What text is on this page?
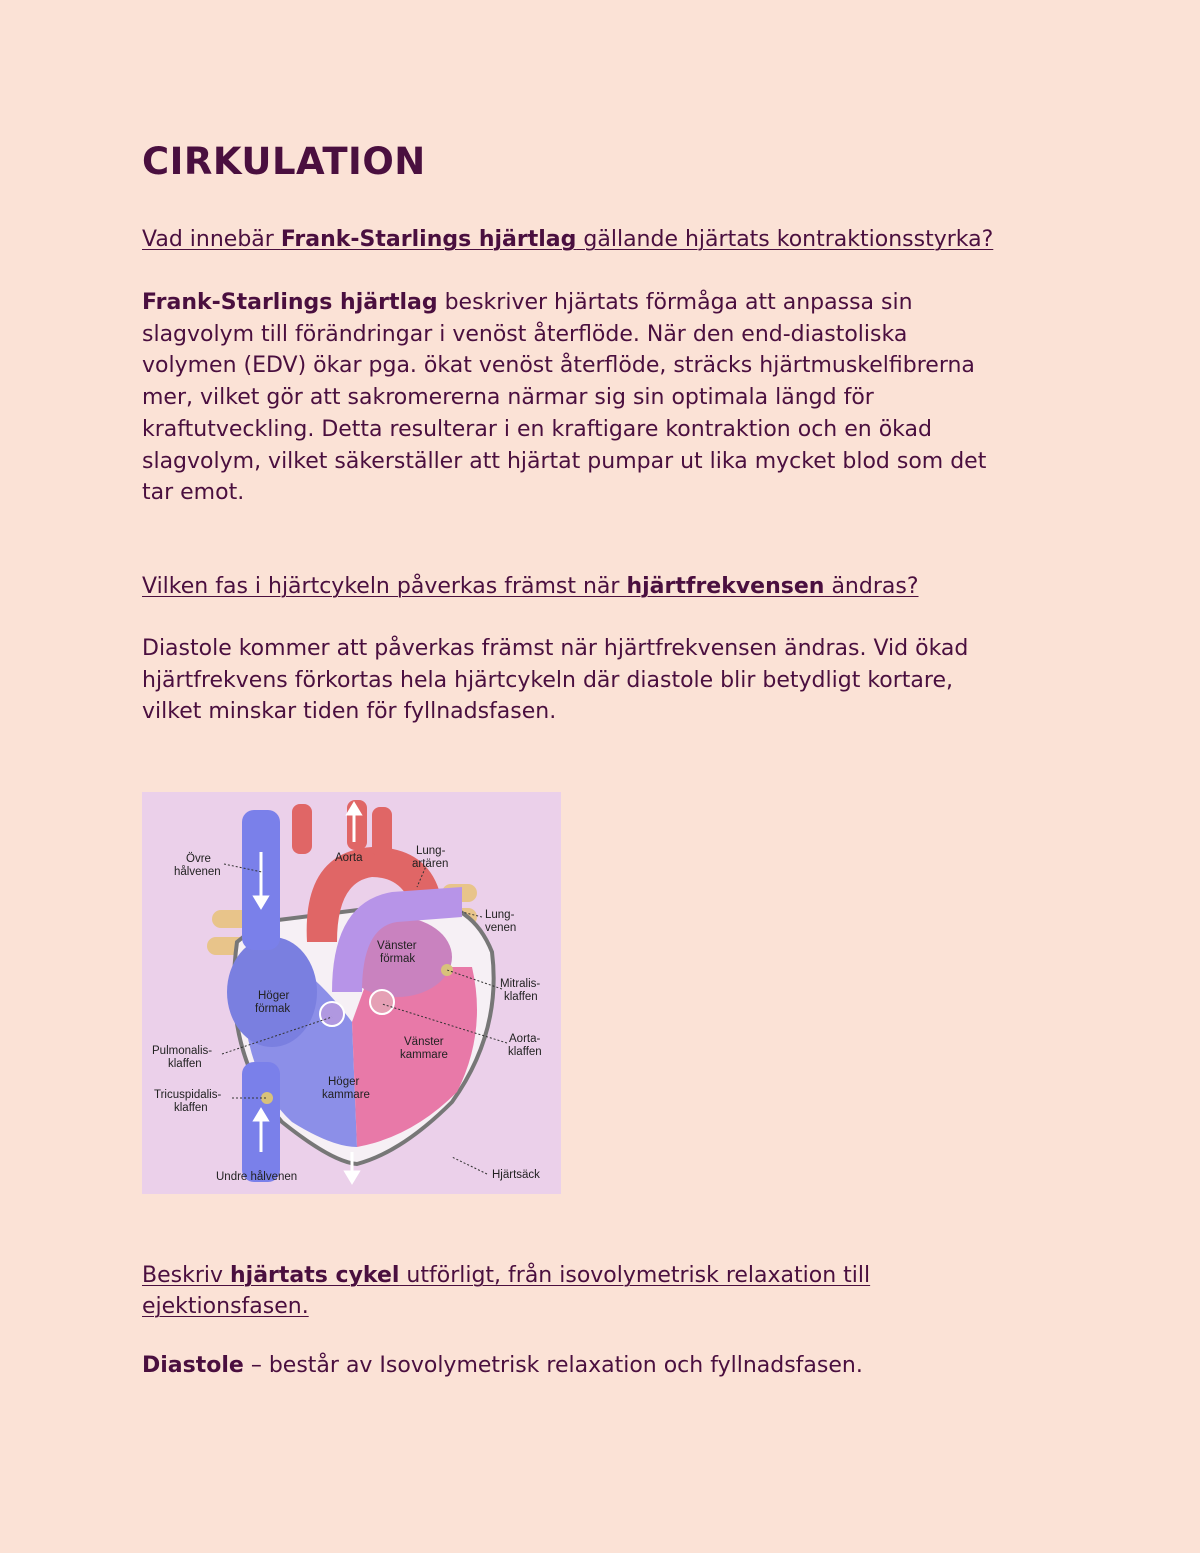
CIRKULATION

Vad innebär Frank-Starlings hjärtlag gällande hjärtats kontraktionsstyrka?

Frank-Starlings hjärtlag beskriver hjärtats förmåga att anpassa sin
slagvolym till förändringar i venöst återflöde. När den end-diastoliska
volymen (EDV) ökar pga. ökat venöst återflöde, sträcks hjärtmuskelfibrerna
mer, vilket gör att sakromererna närmar sig sin optimala längd för
kraftutveckling. Detta resulterar i en kraftigare kontraktion och en ökad
slagvolym, vilket säkerställer att hjärtat pumpar ut lika mycket blod som det
tar emot.

Vilken fas i hjärtcykeln påverkas främst när hjärtfrekvensen ändras?

Diastole kommer att påverkas främst när hjärtfrekvensen ändras. Vid ökad
hjärtfrekvens förkortas hela hjärtcykeln där diastole blir betydligt kortare,
vilket minskar tiden för fyllnadsfasen.
Övre
hålvenen
Aorta
Lung-
artären
Lung-
venen
Vänster
förmak
Mitralis-
klaffen
Höger
förmak
Aorta-
klaffen
Pulmonalis-
klaffen
Vänster
kammare
Tricuspidalis-
klaffen
Höger
kammare
Undre hålvenen	Hjärtsäck
Beskriv hjärtats cykel utförligt, från isovolymetrisk relaxation till
ejektionsfasen.

Diastole – består av Isovolymetrisk relaxation och fyllnadsfasen.
